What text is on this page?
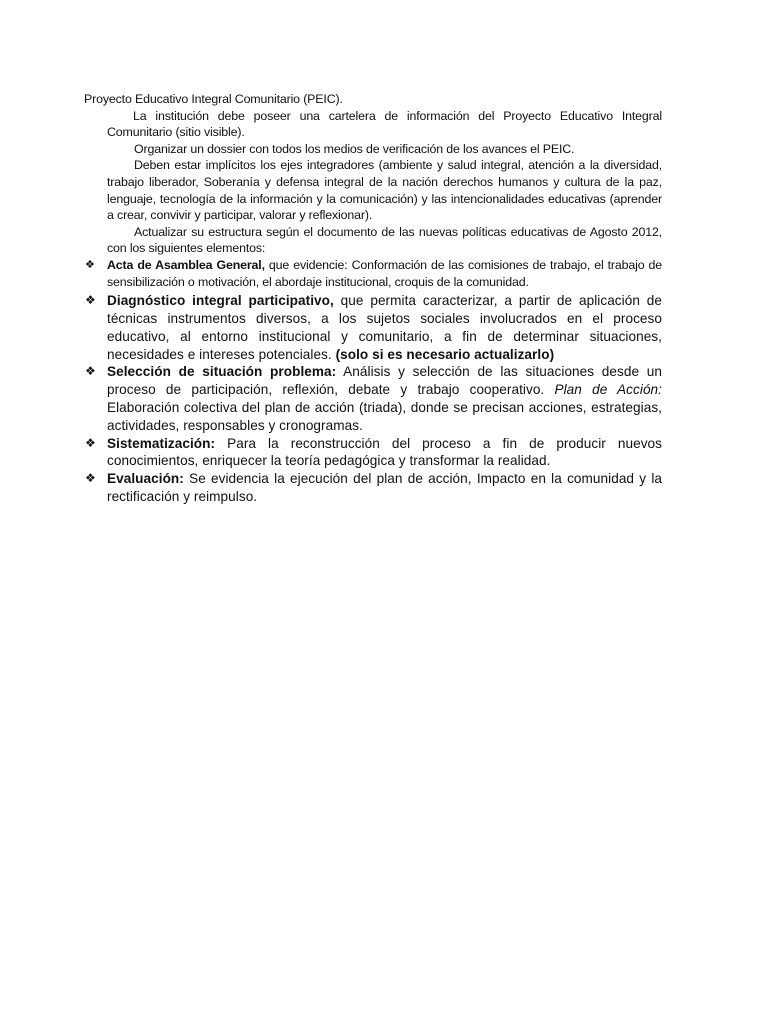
Proyecto Educativo Integral Comunitario (PEIC).

La institución debe poseer una cartelera de información del Proyecto Educativo Integral Comunitario (sitio visible).

Organizar un dossier con todos los medios de verificación de los avances el PEIC.

Deben estar implícitos los ejes integradores (ambiente y salud integral, atención a la diversidad, trabajo liberador, Soberanía y defensa integral de la nación derechos humanos y cultura de la paz, lenguaje, tecnología de la información y la comunicación) y las intencionalidades educativas (aprender a crear, convivir y participar, valorar y reflexionar).

Actualizar su estructura según el documento de las nuevas políticas educativas de Agosto 2012, con los siguientes elementos:

❖ Acta de Asamblea General, que evidencie: Conformación de las comisiones de trabajo, el trabajo de sensibilización o motivación, el abordaje institucional, croquis de la comunidad.
❖ Diagnóstico integral participativo, que permita caracterizar, a partir de aplicación de técnicas instrumentos diversos, a los sujetos sociales involucrados en el proceso educativo, al entorno institucional y comunitario, a fin de determinar situaciones, necesidades e intereses potenciales. (solo si es necesario actualizarlo)
❖ Selección de situación problema: Análisis y selección de las situaciones desde un proceso de participación, reflexión, debate y trabajo cooperativo. Plan de Acción: Elaboración colectiva del plan de acción (triada), donde se precisan acciones, estrategias, actividades, responsables y cronogramas.
❖ Sistematización: Para la reconstrucción del proceso a fin de producir nuevos conocimientos, enriquecer la teoría pedagógica y transformar la realidad.
❖ Evaluación: Se evidencia la ejecución del plan de acción, Impacto en la comunidad y la rectificación y reimpulso.
